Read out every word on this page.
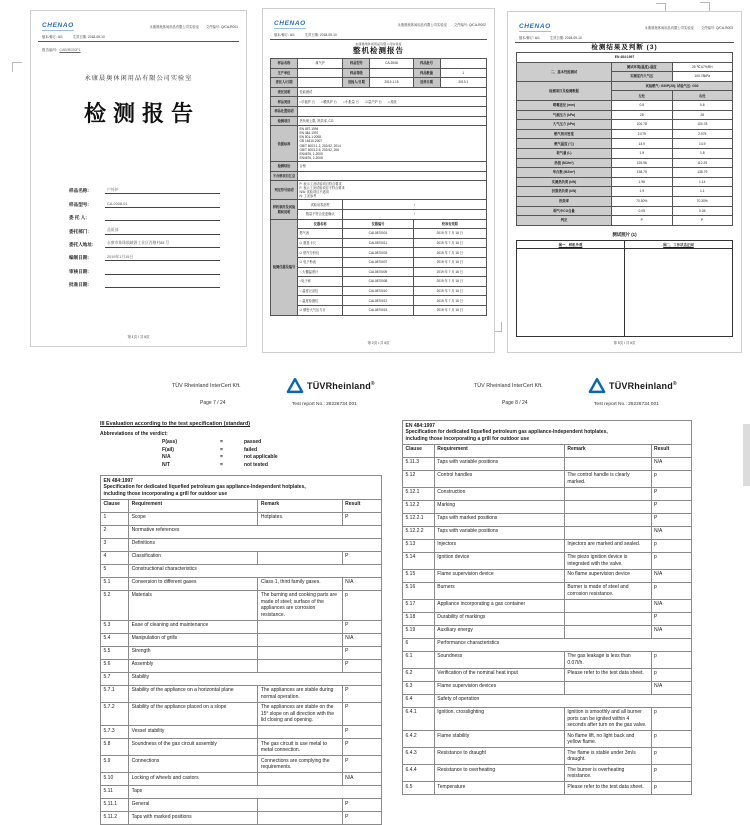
CHENAO	永康晨奥休闲用品有限公司实验室 文件编号: Q/CA-R001
版本/修订: A/1	生效日期: 2018-09-10
报告编号: CAB/R020F1
永康晨奥休闲用品有限公司实验室
检测报告
样品名称:	户外炉
样品型号:	CA-2008-01
委 托 人:

委托部门:	品质部
委托人地址:	永康市象珠镇峡源工业区西塘村88 号
编制日期:	2019年1月15日
审核日期:

批准日期:

第 1页 / 共 6页
CHENAO	永康晨奥休闲用品有限公司实验室 文件编号: Q/CA-R002
版本/修订: A/1	生效日期: 2018-09-10
永康晨奥休闲用品有限公司实验室
整机检测报告
样品名称	煤气炉	样品型号	CA-2008	样品批号	
生产单位		样品等级		样品数量	1
委托人/日期		送检人/日期	2019.1.15	送样日期	2019.1
委托说明	性能测试				
样品类别	□手板炉 台　　□模具炉 台　　□小批量 台　　☑量产炉 台　　□其他				
样品处置说明					
检测项目	热负荷上限, 热效率, CO				
依据标准	
EN 497-1994
EN 484-1997
EN 501-1:2008
GB 16410-2007
GB/T 6003.1-2, 202/42, 2014
GB/T 6003.2-5, 202/42, 206
EN4676, 1-2005
EN4676, 2-2008

检测结论	合格				
不合格项目汇总					
判定符号说明	P: 表示工况试验项目符合要求
F: 表示工况试验项目不符合要求
N/A: 试验项目不适用
N: 工况参考				

样机领用及试验期间说明	试验用零部件	/			
	数量不符合变更确认	/			
检测仪器及编号	仪器名称	仪器编号		校准有效期	
	燃气表	CAL0870001		2019 年 7 月 16 日	
	☑ 数显卡尺	CAL0870011		2019 年 7 月 16 日	
	☑ 燃气分析仪	CAL0870003		2019 年 7 月 16 日	
	☑ 电子秒表	CAL0870007		2019 年 7 月 16 日	
	○ 大棚温度计	CAL0870009		2019 年 7 月 16 日	
	○电子秤	CAL0870008		2019 年 7 月 16 日	
	○ 温度记录仪	CAL0870010		2019 年 7 月 16 日	
	○ 温度检测仪	CAL0870012		2019 年 7 月 16 日	
	☑ 精密大气压力计	CAL0870015		2019 年 7 月 16 日	
第 2页 / 共 6页
CHENAO	永康晨奥休闲用品有限公司实验室 文件编号: Q/CA-R003
版本/修订: A/1	生效日期: 2018-09-10
检测结果及判断 (3)
EN 484:1997		
二、基本性能测试	测试环境(温度)-湿度	25 ℃ 67%RH
	实测室内大气压	100.78kPa
检测项目及检测数据	试验燃气: G30P(28); 试验气压: G30	
	左灶	右灶
喷嘴直径 (mm)	0.6	0.6
气源压力 (kPa)	28	28
大气压力 (kPa)	100.78	100.78
燃气相对密度	2.075	2.075
燃气温度 (℃)	14.9	14.9
耗气量 (L)	1.9	1.8
热值 (MJ/m³)	125.96	112.29
华白数 (MJ/m³)	138.79	138.79
实测热负荷 (kW)	1.98	1.14
折算热负荷 (kW)	1.9	1.1
热效率	70.50%	70.30%
烟气中CO含量	0.05	0.05
判定	P	P
测试照片 (1)
图一、样机外观	图二、工作状态正面

第 5页 / 共 6页
TÜV Rheinland InterCert Kft.
Page 7 / 24
TÜVRheinland®
Test report No.: 28226734 001
III Evaluation according to the test specification (standard)
Abbreviations of the verdict:
P(ass)	=	passed
F(ail)	=	failed
N/A	=	not applicable
N/T	=	not tested
EN 484:1997
Specification for dedicated liquefied petroleum gas appliance-Independent hotplates,
including those incorporating a grill for outdoor use			

Clause	Requirement	Remark	Result
1	Scope	Hotplates.	P
2	Normative references		
3	Definitions		
4	Classification		P
5	Constructional characteristics		
5.1	Conversion to different gases	Class 1, third family gases.	N/A
5.2	Materials	The burning and cooking parts are made of steel; surface of the appliances are corrosion resistance.	p
5.3	Ease of cleaning and maintenance		P
5.4	Manipulation of grills		N/A
5.5	Strength		P
5.6	Assembly		P
5.7	Stability		
5.7.1	Stability of the appliance on a horizontal plane	The appliances are stable during normal operation.	P
5.7.2	Stability of the appliance placed on a slope	The appliances are stable on the 15° slope on all direction with the lid closing and opening.	P
5.7.3	Vessel stability		P
5.8	Soundness of the gas circuit assembly	The gas circuit is use metal to metal connection.	P
5.9	Connections	Connections are complying the requirements.	P
5.10	Locking of wheels and castors		N/A
5.11	Taps		
5.11.1	General		P
5.11.2	Taps with marked positions		P
TÜV Rheinland InterCert Kft.
Page 8 / 24
TÜVRheinland®
Test report No.: 28226734 001
EN 484:1997
Specification for dedicated liquefied petroleum gas appliance-Independent hotplates,
including those incorporating a grill for outdoor use			

Clause	Requirement	Remark	Result
5.11.3	Taps with variable positions		N/A
5.12	Control handles	The control handle is clearly marked.	p
5.12.1	Construction		P
5.12.2	Marking		P
5.12.2.1	Taps with marked positions		P
5.12.2.2	Taps with variable positions		N/A
5.13	Injectors	Injectors are marked and sealed.	p
5.14	Ignition device	The piezo ignition device is integrated with the valve.	p
5.15	Flame supervision device	No flame supervision device	N/A
5.16	Burners	Burner is made of steel and corrosion resistance.	p
5.17	Appliance incorporating a gas container		N/A
5.18	Durability of markings		P
5.19	Auxiliary energy		N/A
6	Performance characteristics		
6.1	Soundness	The gas leakage is less than 0.07l/h.	p
6.2	Verification of the nominal heat input	Please refer to the test data sheet.	p
6.3	Flame supervision devices		N/A
6.4	Safety of operation		
6.4.1	Ignition, crosslighting	Ignition is smoothly and all burner ports can be ignited within 4 seconds after turn on the gas valve.	p
6.4.2	Flame stability	No flame lift, no light back and yellow flame.	p
6.4.3	Resistance to draught	The flame is stable under 3m/s draught.	p
6.4.4	Resistance to overheating	The burner is overheating resistance.	p
6.5	Temperature	Please refer to the test data sheet.	p
